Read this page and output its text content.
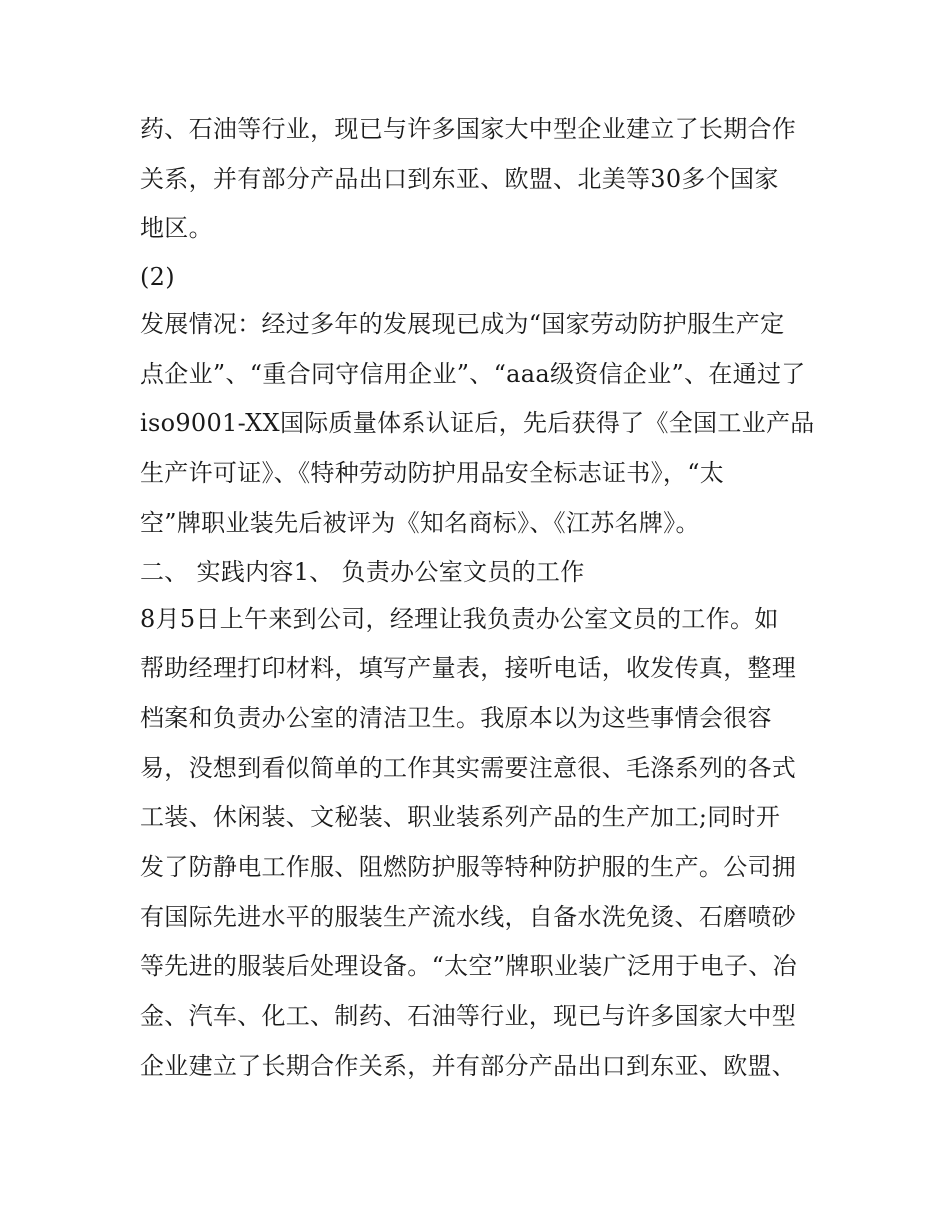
药、石油等行业，现已与许多国家大中型企业建立了长期合作
关系，并有部分产品出口到东亚、欧盟、北美等30多个国家
地区。
(2)
发展情况：经过多年的发展现已成为“国家劳动防护服生产定
点企业”、“重合同守信用企业”、“aaa级资信企业”、在通过了
iso9001-XX国际质量体系认证后，先后获得了《全国工业产品
生产许可证》、《特种劳动防护用品安全标志证书》，“太
空”牌职业装先后被评为《知名商标》、《江苏名牌》。
二、 实践内容1、 负责办公室文员的工作
8月5日上午来到公司，经理让我负责办公室文员的工作。如
帮助经理打印材料，填写产量表，接听电话，收发传真，整理
档案和负责办公室的清洁卫生。我原本以为这些事情会很容
易，没想到看似简单的工作其实需要注意很、毛涤系列的各式
工装、休闲装、文秘装、职业装系列产品的生产加工;同时开
发了防静电工作服、阻燃防护服等特种防护服的生产。公司拥
有国际先进水平的服装生产流水线，自备水洗免烫、石磨喷砂
等先进的服装后处理设备。“太空”牌职业装广泛用于电子、冶
金、汽车、化工、制药、石油等行业，现已与许多国家大中型
企业建立了长期合作关系，并有部分产品出口到东亚、欧盟、
